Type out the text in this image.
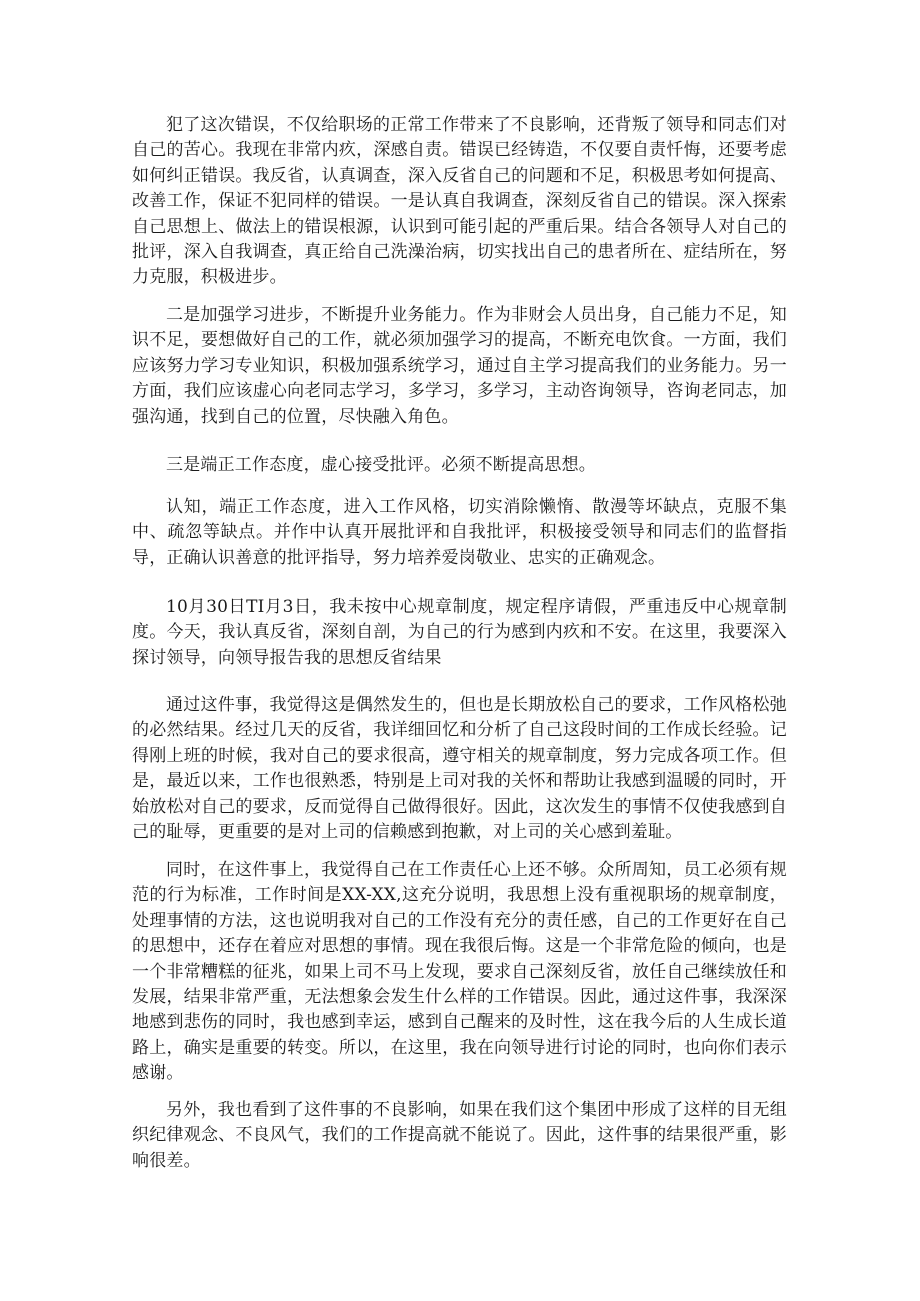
犯了这次错误，不仅给职场的正常工作带来了不良影响，还背叛了领导和同志们对自己的苦心。我现在非常内疚，深感自责。错误已经铸造，不仅要自责忏悔，还要考虑如何纠正错误。我反省，认真调查，深入反省自己的问题和不足，积极思考如何提高、改善工作，保证不犯同样的错误。一是认真自我调查，深刻反省自己的错误。深入探索自己思想上、做法上的错误根源，认识到可能引起的严重后果。结合各领导人对自己的批评，深入自我调查，真正给自己洗澡治病，切实找出自己的患者所在、症结所在，努力克服，积极进步。

二是加强学习进步，不断提升业务能力。作为非财会人员出身，自己能力不足，知识不足，要想做好自己的工作，就必须加强学习的提高，不断充电饮食。一方面，我们应该努力学习专业知识，积极加强系统学习，通过自主学习提高我们的业务能力。另一方面，我们应该虚心向老同志学习，多学习，多学习，主动咨询领导，咨询老同志，加强沟通，找到自己的位置，尽快融入角色。

三是端正工作态度，虚心接受批评。必须不断提高思想。

认知，端正工作态度，进入工作风格，切实消除懒惰、散漫等坏缺点，克服不集中、疏忽等缺点。并作中认真开展批评和自我批评，积极接受领导和同志们的监督指导，正确认识善意的批评指导，努力培养爱岗敬业、忠实的正确观念。

10月30日TI月3日，我未按中心规章制度，规定程序请假，严重违反中心规章制度。今天，我认真反省，深刻自剖，为自己的行为感到内疚和不安。在这里，我要深入探讨领导，向领导报告我的思想反省结果

通过这件事，我觉得这是偶然发生的，但也是长期放松自己的要求，工作风格松弛的必然结果。经过几天的反省，我详细回忆和分析了自己这段时间的工作成长经验。记得刚上班的时候，我对自己的要求很高，遵守相关的规章制度，努力完成各项工作。但是，最近以来，工作也很熟悉，特别是上司对我的关怀和帮助让我感到温暖的同时，开始放松对自己的要求，反而觉得自己做得很好。因此，这次发生的事情不仅使我感到自己的耻辱，更重要的是对上司的信赖感到抱歉，对上司的关心感到羞耻。

同时，在这件事上，我觉得自己在工作责任心上还不够。众所周知，员工必须有规范的行为标准，工作时间是XX-XX,这充分说明，我思想上没有重视职场的规章制度，处理事情的方法，这也说明我对自己的工作没有充分的责任感，自己的工作更好在自己的思想中，还存在着应对思想的事情。现在我很后悔。这是一个非常危险的倾向，也是一个非常糟糕的征兆，如果上司不马上发现，要求自己深刻反省，放任自己继续放任和发展，结果非常严重，无法想象会发生什么样的工作错误。因此，通过这件事，我深深地感到悲伤的同时，我也感到幸运，感到自己醒来的及时性，这在我今后的人生成长道路上，确实是重要的转变。所以，在这里，我在向领导进行讨论的同时，也向你们表示感谢。

另外，我也看到了这件事的不良影响，如果在我们这个集团中形成了这样的目无组织纪律观念、不良风气，我们的工作提高就不能说了。因此，这件事的结果很严重，影响很差。
